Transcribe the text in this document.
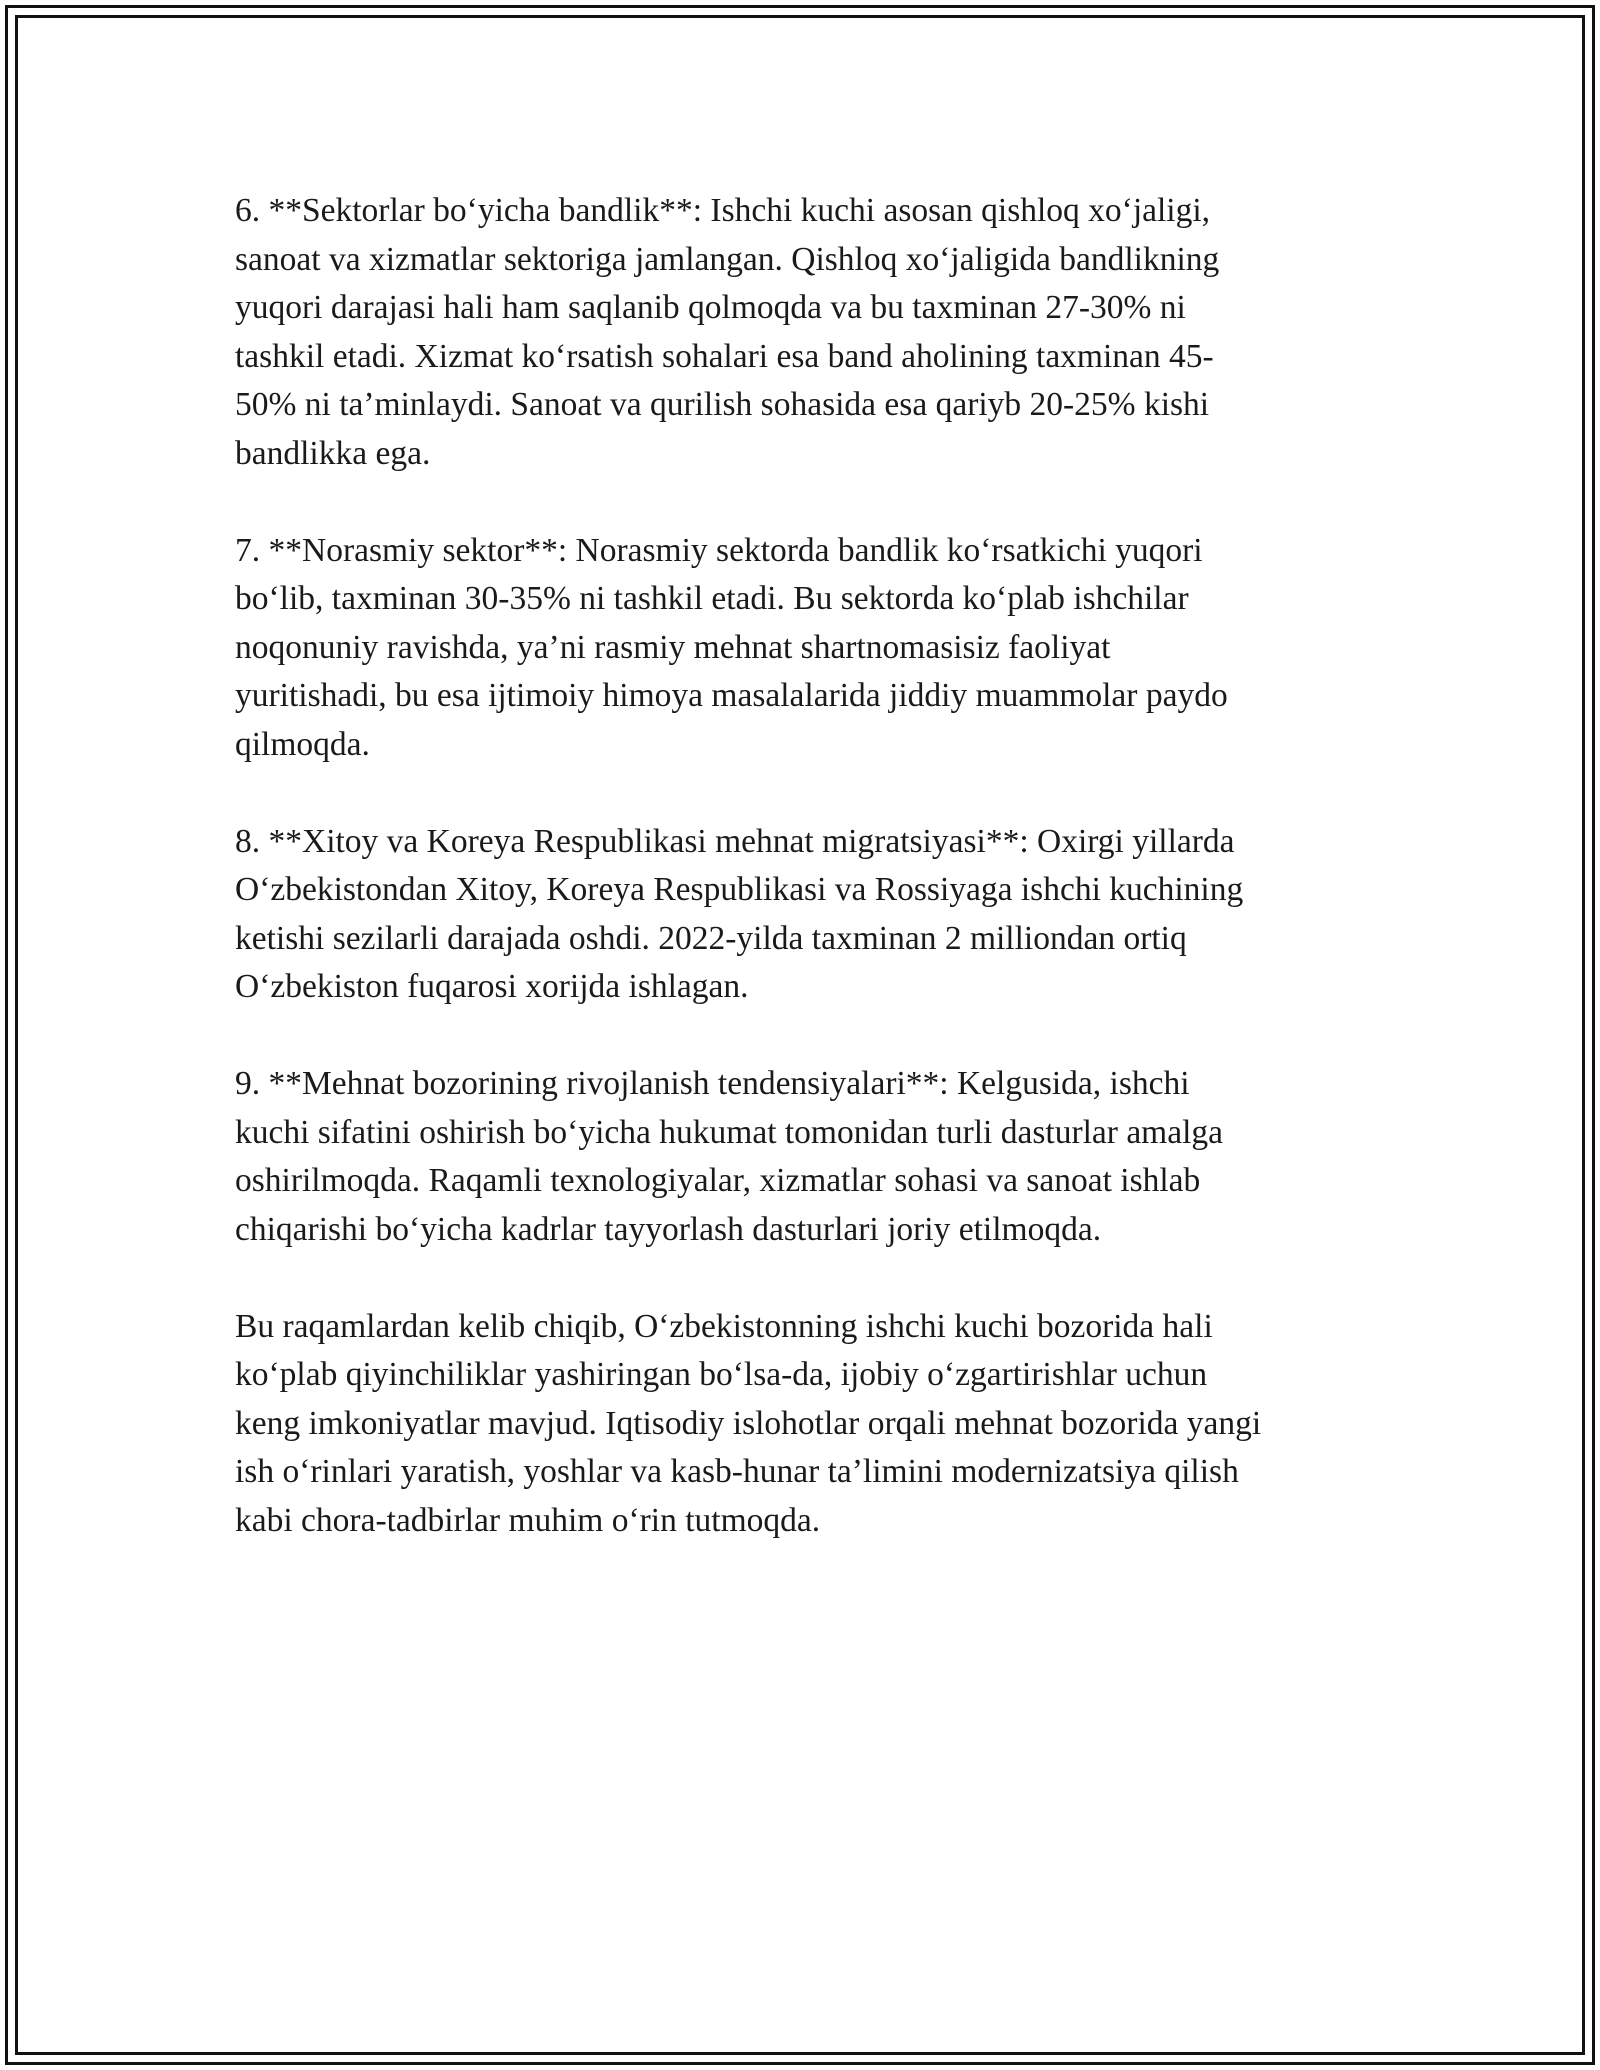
6. **Sektorlar bo‘yicha bandlik**: Ishchi kuchi asosan qishloq xo‘jaligi,
sanoat va xizmatlar sektoriga jamlangan. Qishloq xo‘jaligida bandlikning
yuqori darajasi hali ham saqlanib qolmoqda va bu taxminan 27-30% ni
tashkil etadi. Xizmat ko‘rsatish sohalari esa band aholining taxminan 45-
50% ni ta’minlaydi. Sanoat va qurilish sohasida esa qariyb 20-25% kishi
bandlikka ega.

7. **Norasmiy sektor**: Norasmiy sektorda bandlik ko‘rsatkichi yuqori
bo‘lib, taxminan 30-35% ni tashkil etadi. Bu sektorda ko‘plab ishchilar
noqonuniy ravishda, ya’ni rasmiy mehnat shartnomasisiz faoliyat
yuritishadi, bu esa ijtimoiy himoya masalalarida jiddiy muammolar paydo
qilmoqda.

8. **Xitoy va Koreya Respublikasi mehnat migratsiyasi**: Oxirgi yillarda
O‘zbekistondan Xitoy, Koreya Respublikasi va Rossiyaga ishchi kuchining
ketishi sezilarli darajada oshdi. 2022-yilda taxminan 2 milliondan ortiq
O‘zbekiston fuqarosi xorijda ishlagan.

9. **Mehnat bozorining rivojlanish tendensiyalari**: Kelgusida, ishchi
kuchi sifatini oshirish bo‘yicha hukumat tomonidan turli dasturlar amalga
oshirilmoqda. Raqamli texnologiyalar, xizmatlar sohasi va sanoat ishlab
chiqarishi bo‘yicha kadrlar tayyorlash dasturlari joriy etilmoqda.

Bu raqamlardan kelib chiqib, O‘zbekistonning ishchi kuchi bozorida hali
ko‘plab qiyinchiliklar yashiringan bo‘lsa-da, ijobiy o‘zgartirishlar uchun
keng imkoniyatlar mavjud. Iqtisodiy islohotlar orqali mehnat bozorida yangi
ish o‘rinlari yaratish, yoshlar va kasb-hunar ta’limini modernizatsiya qilish
kabi chora-tadbirlar muhim o‘rin tutmoqda.
